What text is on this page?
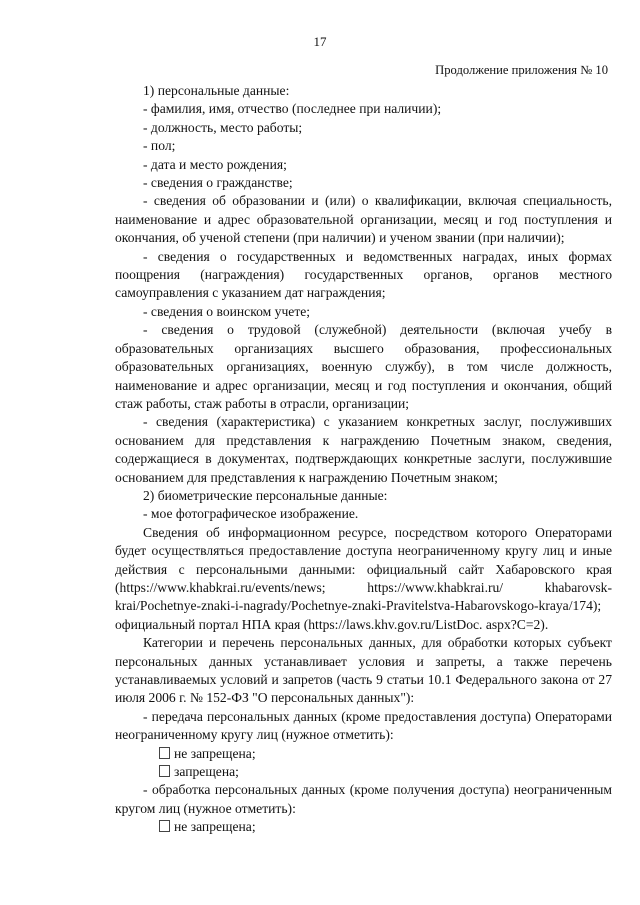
17
Продолжение приложения № 10

1) персональные данные:

- фамилия, имя, отчество (последнее при наличии);

- должность, место работы;

- пол;

- дата и место рождения;

- сведения о гражданстве;

- сведения об образовании и (или) о квалификации, включая специальность, наименование и адрес образовательной организации, месяц и год поступления и окончания, об ученой степени (при наличии) и ученом звании (при наличии);

- сведения о государственных и ведомственных наградах, иных формах поощрения (награждения) государственных органов, органов местного самоуправления с указанием дат награждения;

- сведения о воинском учете;

- сведения о трудовой (служебной) деятельности (включая учебу в образовательных организациях высшего образования, профессиональных образовательных организациях, военную службу), в том числе должность, наименование и адрес организации, месяц и год поступления и окончания, общий стаж работы, стаж работы в отрасли, организации;

- сведения (характеристика) с указанием конкретных заслуг, послуживших основанием для представления к награждению Почетным знаком, сведения, содержащиеся в документах, подтверждающих конкретные заслуги, послужившие основанием для представления к награждению Почетным знаком;

2) биометрические персональные данные:

- мое фотографическое изображение.

Сведения об информационном ресурсе, посредством которого Операторами будет осуществляться предоставление доступа неограниченному кругу лиц и иные действия с персональными данными: официальный сайт Хабаровского края (https://www.khabkrai.ru/events/news; https://www.khabkrai.ru/ khabarovsk-krai/Pochetnye-znaki-i-nagrady/Pochetnye-znaki-Pravitelstva-Habarovskogo-kraya/174); официальный портал НПА края (https://laws.khv.gov.ru/ListDoc. aspx?C=2).

Категории и перечень персональных данных, для обработки которых субъект персональных данных устанавливает условия и запреты, а также перечень устанавливаемых условий и запретов (часть 9 статьи 10.1 Федерального закона от 27 июля 2006 г. № 152-ФЗ "О персональных данных"):

- передача персональных данных (кроме предоставления доступа) Операторами неограниченному кругу лиц (нужное отметить):

не запрещена;

запрещена;

- обработка персональных данных (кроме получения доступа) неограниченным кругом лиц (нужное отметить):

не запрещена;
